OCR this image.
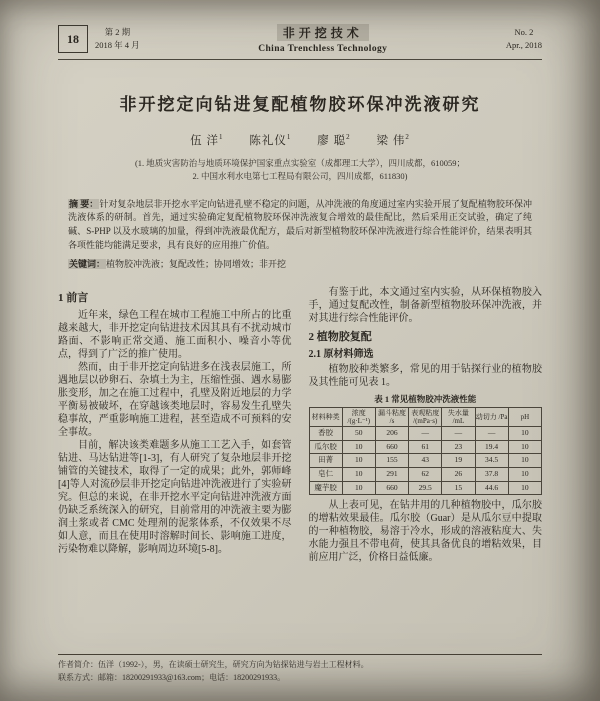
18	第 2 期
2018 年 4 月
非开挖技术
China Trenchless Technology
No. 2
Apr., 2018
非开挖定向钻进复配植物胶环保冲洗液研究
伍 洋$^1$ 陈礼仪$^1$ 廖 聪$^2$ 梁 伟$^2$
(1. 地质灾害防治与地质环境保护国家重点实验室（成都理工大学），四川成都，610059；
2. 中国水利水电第七工程局有限公司，四川成都，611830)

摘 要：针对复杂地层非开挖水平定向钻进孔壁不稳定的问题，从冲洗液的角度通过室内实验开展了复配植物胶环保冲洗液体系的研制。首先，通过实验确定复配植物胶环保冲洗液复合增效的最佳配比，然后采用正交试验，确定了纯碱、S-PHP 以及水玻璃的加量，得到冲洗液最优配方，最后对新型植物胶环保冲洗液进行综合性能评价，结果表明其各项性能均能满足要求，具有良好的应用推广价值。

关键词：植物胶冲洗液；复配改性；协同增效；非开挖

1 前言

近年来，绿色工程在城市工程施工中所占的比重越来越大，非开挖定向钻进技术因其具有不扰动城市路面、不影响正常交通、施工面积小、噪音小等优点，得到了广泛的推广使用。

然而，由于非开挖定向钻进多在浅表层施工，所遇地层以砂卵石、杂填土为主，压缩性强、遇水易膨胀变形，加之在施工过程中，孔壁及附近地层的力学平衡易被破坏，在穿越该类地层时，容易发生孔壁失稳事故，严重影响施工进程，甚至造成不可预料的安全事故。

目前，解决该类难题多从施工工艺入手，如套管钻进、马达钻进等[1-3]，有人研究了复杂地层非开挖铺管的关键技术，取得了一定的成果；此外，郭师峰[4]等人对流砂层非开挖定向钻进冲洗液进行了实验研究。但总的来说，在非开挖水平定向钻进冲洗液方面仍缺乏系统深入的研究，目前常用的冲洗液主要为膨润土浆或者 CMC 处理剂的泥浆体系，不仅效果不尽如人意，而且在使用时溶解时间长、影响施工进度，污染物难以降解，影响周边环境[5-8]。

有鉴于此，本文通过室内实验，从环保植物胶入手，通过复配改性，制备新型植物胶环保冲洗液，并对其进行综合性能评价。

2 植物胶复配
2.1 原材料筛选

植物胶种类繁多，常见的用于钻探行业的植物胶及其性能可见表 1。

表 1 常见植物胶冲洗液性能
材料种类	浓度 /(g·L⁻¹)	漏斗粘度 /s	表观粘度 /(mPa·s)	失水量 /mL	动切力 /Pa	pH
香胶	50	206	—	—	—	10
瓜尔胶	10	660	61	23	19.4	10
田菁	10	155	43	19	34.5	10
皂仁	10	291	62	26	37.8	10
魔芋胶	10	660	29.5	15	44.6	10

从上表可见，在钻井用的几种植物胶中，瓜尔胶的增粘效果最佳。瓜尔胶（Guar）是从瓜尔豆中提取的一种植物胶，易溶于冷水，形成的溶液粘度大、失水能力强且不带电荷，使其具备优良的增粘效果，目前应用广泛，价格日益低廉。

作者简介：伍洋（1992-），男，在读硕士研究生，研究方向为钻探钻进与岩土工程材料。

联系方式：邮箱：18200291933@163.com；电话：18200291933。
